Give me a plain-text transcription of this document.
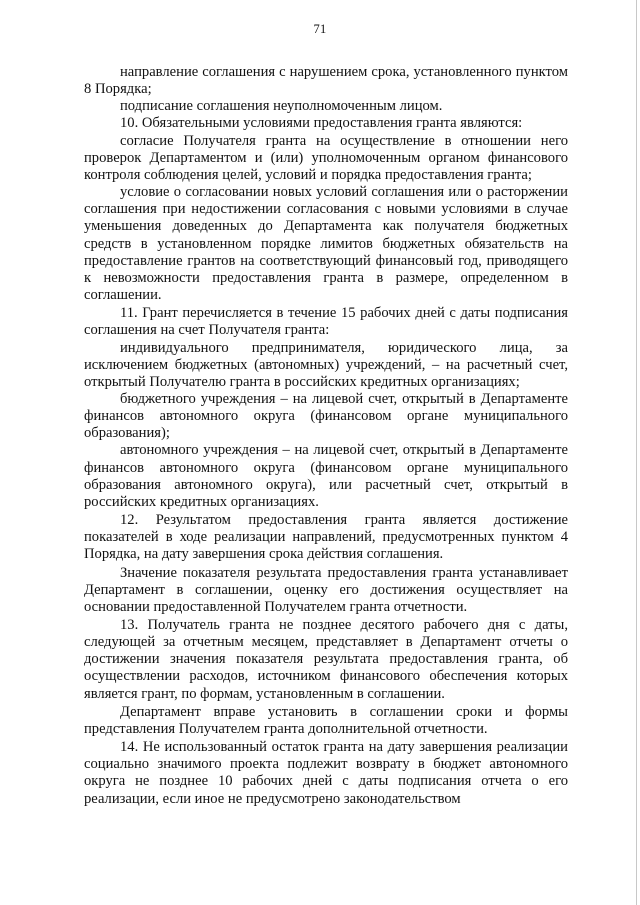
71

направление соглашения с нарушением срока, установленного пунктом 8 Порядка;

подписание соглашения неуполномоченным лицом.

10. Обязательными условиями предоставления гранта являются:

согласие Получателя гранта на осуществление в отношении него проверок Департаментом и (или) уполномоченным органом финансового контроля соблюдения целей, условий и порядка предоставления гранта;

условие о согласовании новых условий соглашения или о расторжении соглашения при недостижении согласования с новыми условиями в случае уменьшения доведенных до Департамента как получателя бюджетных средств в установленном порядке лимитов бюджетных обязательств на предоставление грантов на соответствующий финансовый год, приводящего к невозможности предоставления гранта в размере, определенном в соглашении.

11. Грант перечисляется в течение 15 рабочих дней с даты подписания соглашения на счет Получателя гранта:

индивидуального предпринимателя, юридического лица, за исключением бюджетных (автономных) учреждений, – на расчетный счет, открытый Получателю гранта в российских кредитных организациях;

бюджетного учреждения – на лицевой счет, открытый в Департаменте финансов автономного округа (финансовом органе муниципального образования);

автономного учреждения – на лицевой счет, открытый в Департаменте финансов автономного округа (финансовом органе муниципального образования автономного округа), или расчетный счет, открытый в российских кредитных организациях.

12. Результатом предоставления гранта является достижение показателей в ходе реализации направлений, предусмотренных пунктом 4 Порядка, на дату завершения срока действия соглашения.

Значение показателя результата предоставления гранта устанавливает Департамент в соглашении, оценку его достижения осуществляет на основании предоставленной Получателем гранта отчетности.

13. Получатель гранта не позднее десятого рабочего дня с даты, следующей за отчетным месяцем, представляет в Департамент отчеты о достижении значения показателя результата предоставления гранта, об осуществлении расходов, источником финансового обеспечения которых является грант, по формам, установленным в соглашении.

Департамент вправе установить в соглашении сроки и формы представления Получателем гранта дополнительной отчетности.

14. Не использованный остаток гранта на дату завершения реализации социально значимого проекта подлежит возврату в бюджет автономного округа не позднее 10 рабочих дней с даты подписания отчета о его реализации, если иное не предусмотрено законодательством
